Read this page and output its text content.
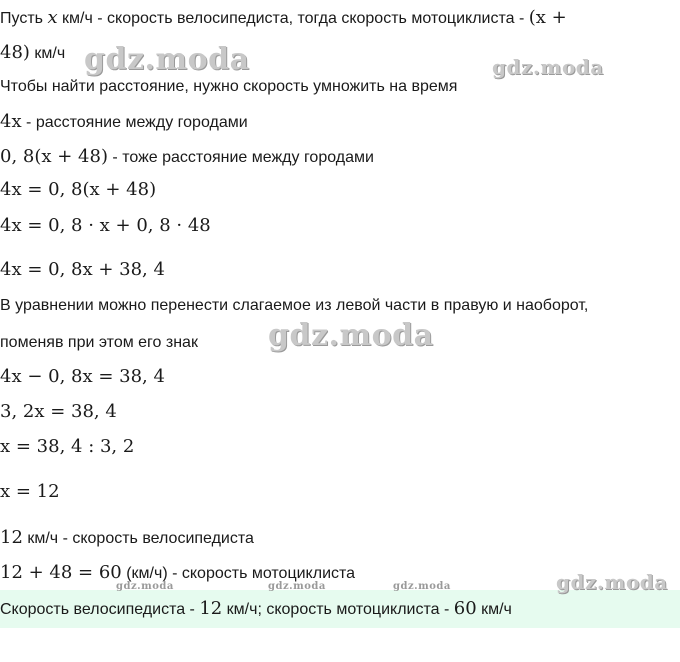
Пусть x км/ч - скорость велосипедиста, тогда скорость мотоциклиста - (x +
48) км/ч
Чтобы найти расстояние, нужно скорость умножить на время
4x - расстояние между городами
0, 8(x + 48) - тоже расстояние между городами
4x = 0, 8(x + 48)
4x = 0, 8 · x + 0, 8 · 48
4x = 0, 8x + 38, 4
В уравнении можно перенести слагаемое из левой части в правую и наоборот,
поменяв при этом его знак
4x − 0, 8x = 38, 4
3, 2x = 38, 4
x = 38, 4 : 3, 2
x = 12
12 км/ч - скорость велосипедиста
12 + 48 = 60 (км/ч) - скорость мотоциклиста
Скорость велосипедиста - 12 км/ч; скорость мотоциклиста - 60 км/ч
gdz.moda	gdz.moda
gdz.moda
gdz.moda	gdz.moda	gdz.moda	gdz.moda
